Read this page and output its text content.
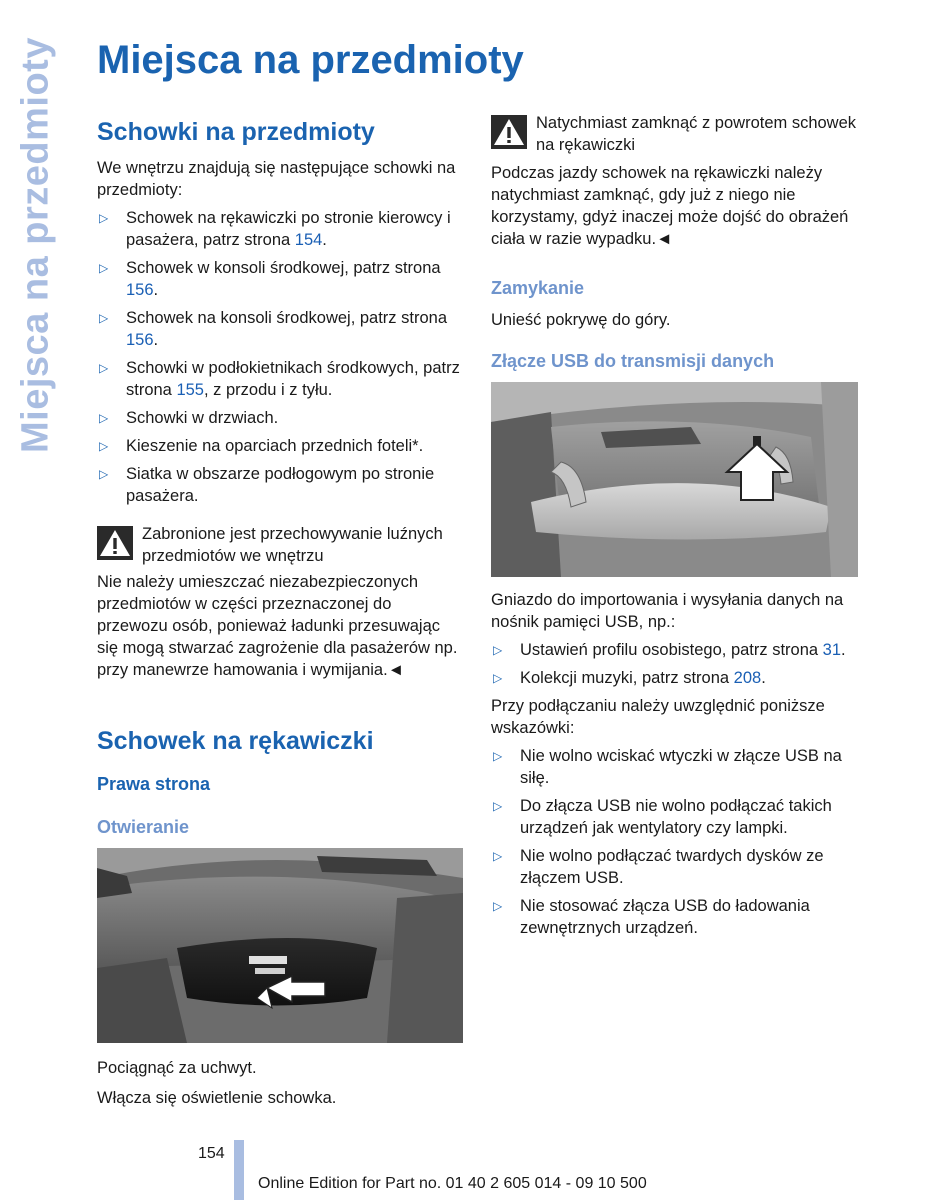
Miejsca na przedmioty Miejsca na przedmioty
Schowki na przedmioty

We wnętrzu znajdują się następujące schowki na przedmioty:

▷ Schowek na rękawiczki po stronie kierowcy i pasażera, patrz strona 154.
▷ Schowek w konsoli środkowej, patrz strona 156.
▷ Schowek na konsoli środkowej, patrz strona 156.
▷ Schowki w podłokietnikach środkowych, patrz strona 155, z przodu i z tyłu.
▷ Schowki w drzwiach.
▷ Kieszenie na oparciach przednich foteli*.
▷ Siatka w obszarze podłogowym po stronie pasażera.

Zabronione jest przechowywanie luźnych przedmiotów we wnętrzu

Nie należy umieszczać niezabezpieczonych przedmiotów w części przeznaczonej do przewozu osób, ponieważ ładunki przesuwając się mogą stwarzać zagrożenie dla pasażerów np. przy manewrze hamowania i wymijania.◄

Schowek na rękawiczki
Prawa strona
Otwieranie

Pociągnąć za uchwyt.

Włącza się oświetlenie schowka.

Natychmiast zamknąć z powrotem schowek na rękawiczki

Podczas jazdy schowek na rękawiczki należy natychmiast zamknąć, gdy już z niego nie korzystamy, gdyż inaczej może dojść do obrażeń ciała w razie wypadku.◄

Zamykanie

Unieść pokrywę do góry.

Złącze USB do transmisji danych

Gniazdo do importowania i wysyłania danych na nośnik pamięci USB, np.:

▷ Ustawień profilu osobistego, patrz strona 31.
▷ Kolekcji muzyki, patrz strona 208.

Przy podłączaniu należy uwzględnić poniższe wskazówki:

▷ Nie wolno wciskać wtyczki w złącze USB na siłę.
▷ Do złącza USB nie wolno podłączać takich urządzeń jak wentylatory czy lampki.
▷ Nie wolno podłączać twardych dysków ze złączem USB.
▷ Nie stosować złącza USB do ładowania zewnętrznych urządzeń.
154
Online Edition for Part no. 01 40 2 605 014 - 09 10 500
